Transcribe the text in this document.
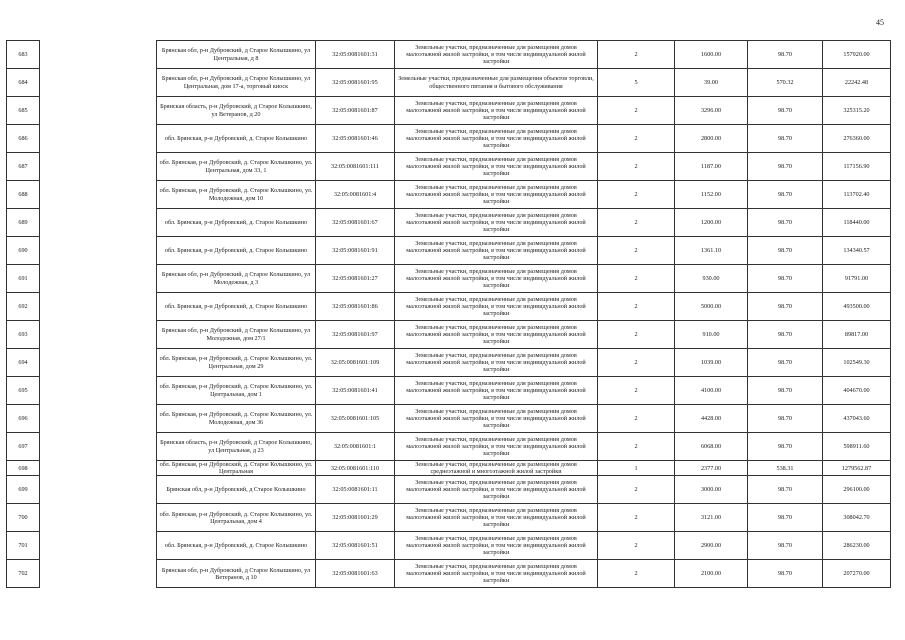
45
683		Брянская обл, р-н Дубровский, д Старое Колышкино, ул Центральная, д 8	32:05:0081601:31	Земельные участки, предназначенные для размещения домов малоэтажной жилой застройки, в том числе индивидуальной жилой застройки	2	1600.00	98.70	157920.00
684		Брянская обл, р-н Дубровский, д Старое Колышкино, ул Центральная, дом 17-а, торговый киоск	32:05:0081601:95	Земельные участки, предназначенные для размещения объектов торговли, общественного питания и бытового обслуживания	5	39.00	570.32	22242.48
685		Брянская область, р-н Дубровский, д Старое Колышкино, ул Ветеранов, д 20	32:05:0081601:87	Земельные участки, предназначенные для размещения домов малоэтажной жилой застройки, в том числе индивидуальной жилой застройки	2	3296.00	98.70	325315.20
686		обл. Брянская, р-н Дубровский, д. Старое Колышкино	32:05:0081601:46	Земельные участки, предназначенные для размещения домов малоэтажной жилой застройки, в том числе индивидуальной жилой застройки	2	2800.00	98.70	276360.00
687		обл. Брянская, р-н Дубровский, д. Старое Колышкино, ул. Центральная, дом 33, 1	32:05:0081601:111	Земельные участки, предназначенные для размещения домов малоэтажной жилой застройки, в том числе индивидуальной жилой застройки	2	1187.00	98.70	117156.90
688		обл. Брянская, р-н Дубровский, д. Старое Колышкино, ул. Молодежная, дом 10	32:05:0081601:4	Земельные участки, предназначенные для размещения домов малоэтажной жилой застройки, в том числе индивидуальной жилой застройки	2	1152.00	98.70	113702.40
689		обл. Брянская, р-н Дубровский, д. Старое Колышкино	32:05:0081601:67	Земельные участки, предназначенные для размещения домов малоэтажной жилой застройки, в том числе индивидуальной жилой застройки	2	1200.00	98.70	118440.00
690		обл. Брянская, р-н Дубровский, д. Старое Колышкино	32:05:0081601:91	Земельные участки, предназначенные для размещения домов малоэтажной жилой застройки, в том числе индивидуальной жилой застройки	2	1361.10	98.70	134340.57
691		Брянская обл, р-н Дубровский, д Старое Колышкино, ул Молодежная, д 3	32:05:0081601:27	Земельные участки, предназначенные для размещения домов малоэтажной жилой застройки, в том числе индивидуальной жилой застройки	2	930.00	98.70	91791.00
692		обл. Брянская, р-н Дубровский, д. Старое Колышкино	32:05:0081601:86	Земельные участки, предназначенные для размещения домов малоэтажной жилой застройки, в том числе индивидуальной жилой застройки	2	5000.00	98.70	493500.00
693		Брянская обл, р-н Дубровский, д Старое Колышкино, ул Молодежная, дом 27/1	32:05:0081601:97	Земельные участки, предназначенные для размещения домов малоэтажной жилой застройки, в том числе индивидуальной жилой застройки	2	910.00	98.70	89817.00
694		обл. Брянская, р-н Дубровский, д. Старое Колышкино, ул. Центральная, дом 29	32:05:0081601:109	Земельные участки, предназначенные для размещения домов малоэтажной жилой застройки, в том числе индивидуальной жилой застройки	2	1039.00	98.70	102549.30
695		обл. Брянская, р-н Дубровский, д. Старое Колышкино, ул. Центральная, дом 1	32:05:0081601:41	Земельные участки, предназначенные для размещения домов малоэтажной жилой застройки, в том числе индивидуальной жилой застройки	2	4100.00	98.70	404670.00
696		обл. Брянская, р-н Дубровский, д. Старое Колышкино, ул. Молодежная, дом 36	32:05:0081601:105	Земельные участки, предназначенные для размещения домов малоэтажной жилой застройки, в том числе индивидуальной жилой застройки	2	4428.00	98.70	437043.60
697		Брянская область, р-н Дубровский, д Старое Колышкино, ул Центральная, д 23	32:05:0081601:1	Земельные участки, предназначенные для размещения домов малоэтажной жилой застройки, в том числе индивидуальной жилой застройки	2	6068.00	98.70	598911.60
698		обл. Брянская, р-н Дубровский, д. Старое Колышкино, ул. Центральная	32:05:0081601:110	Земельные участки, предназначенные для размещения домов среднеэтажной и многоэтажной жилой застройки	1	2377.00	538.31	1279562.87
699		Брянская обл, р-н Дубровский, д Старое Колышкино	32:05:0081601:11	Земельные участки, предназначенные для размещения домов малоэтажной жилой застройки, в том числе индивидуальной жилой застройки	2	3000.00	98.70	296100.00
700		обл. Брянская, р-н Дубровский, д. Старое Колышкино, ул. Центральная, дом 4	32:05:0081601:29	Земельные участки, предназначенные для размещения домов малоэтажной жилой застройки, в том числе индивидуальной жилой застройки	2	3121.00	98.70	308042.70
701		обл. Брянская, р-н Дубровский, д. Старое Колышкино	32:05:0081601:51	Земельные участки, предназначенные для размещения домов малоэтажной жилой застройки, в том числе индивидуальной жилой застройки	2	2900.00	98.70	286230.00
702		Брянская обл, р-н Дубровский, д Старое Колышкино, ул Ветеранов, д 10	32:05:0081601:63	Земельные участки, предназначенные для размещения домов малоэтажной жилой застройки, в том числе индивидуальной жилой застройки	2	2100.00	98.70	207270.00
